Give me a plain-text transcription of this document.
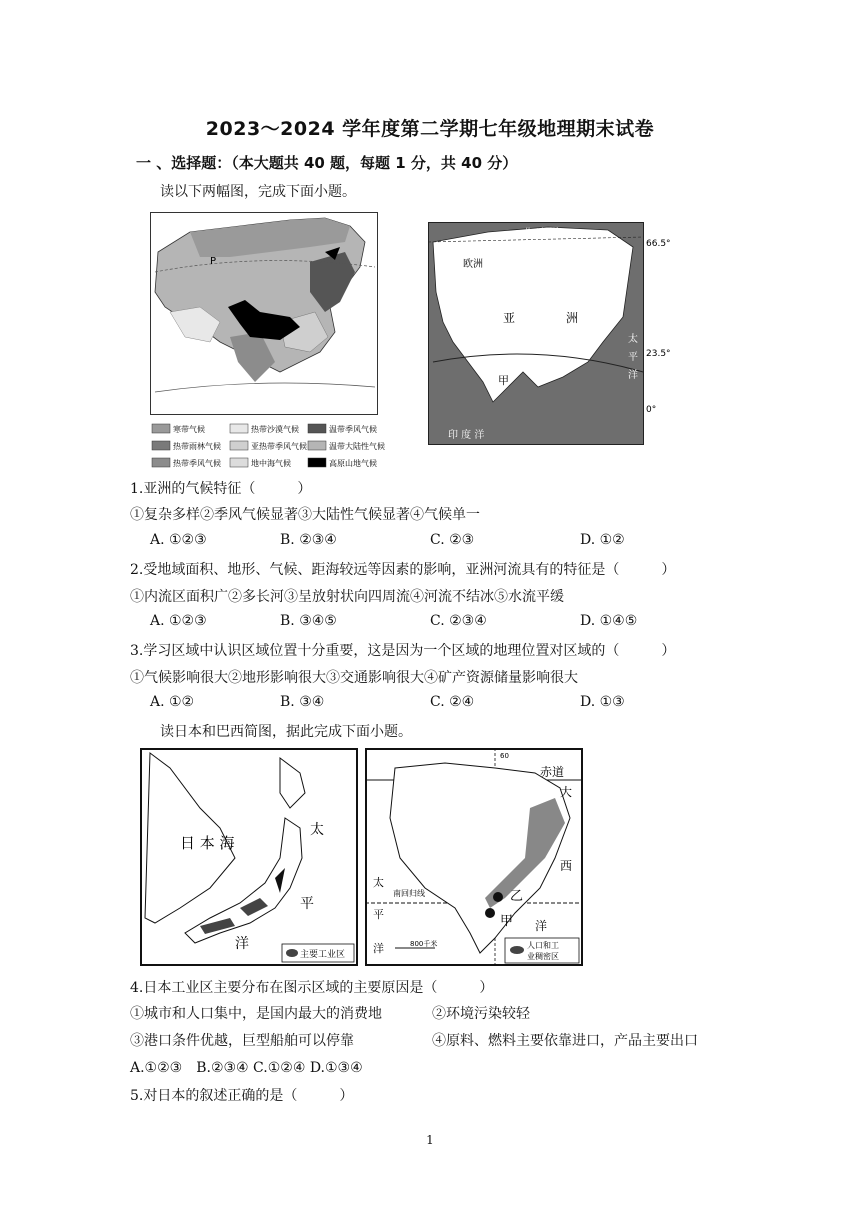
2023～2024 学年度第二学期七年级地理期末试卷
一 、选择题：（本大题共 40 题，每题 1 分，共 40 分）
读以下两幅图，完成下面小题。
P
寒带气候	热带沙漠气候	温带季风气候
热带雨林气候	亚热带季风气候	温带大陆性气候
热带季风气候	地中海气候	高原山地气候
北 冰 洋
欧洲
亚	洲
太
平
洋
甲
印 度 洋
66.5°
23.5°
0°
1.亚洲的气候特征（　　　）
①复杂多样②季风气候显著③大陆性气候显著④气候单一
A. ①②③	B. ②③④	C. ②③	D. ①②
2.受地域面积、地形、气候、距海较远等因素的影响，亚洲河流具有的特征是（　　　）
①内流区面积广②多长河③呈放射状向四周流④河流不结冰⑤水流平缓
A. ①②③	B. ③④⑤	C. ②③④	D. ①④⑤
3.学习区域中认识区域位置十分重要，这是因为一个区域的地理位置对区域的（　　　）
①气候影响很大②地形影响很大③交通影响很大④矿产资源储量影响很大
A. ①②	B. ③④	C. ②④	D. ①③
读日本和巴西简图，据此完成下面小题。
日 本 海
太
平
洋
主要工业区
60
赤道
大
西
洋
南回归线
太
平
洋
乙
甲
800千米	人口和工
业稠密区
4.日本工业区主要分布在图示区域的主要原因是（　　　）
①城市和人口集中，是国内最大的消费地	②环境污染较轻
③港口条件优越，巨型船舶可以停靠	④原料、燃料主要依靠进口，产品主要出口
A.①②③　B.②③④ C.①②④ D.①③④
5.对日本的叙述正确的是（　　　）
1
